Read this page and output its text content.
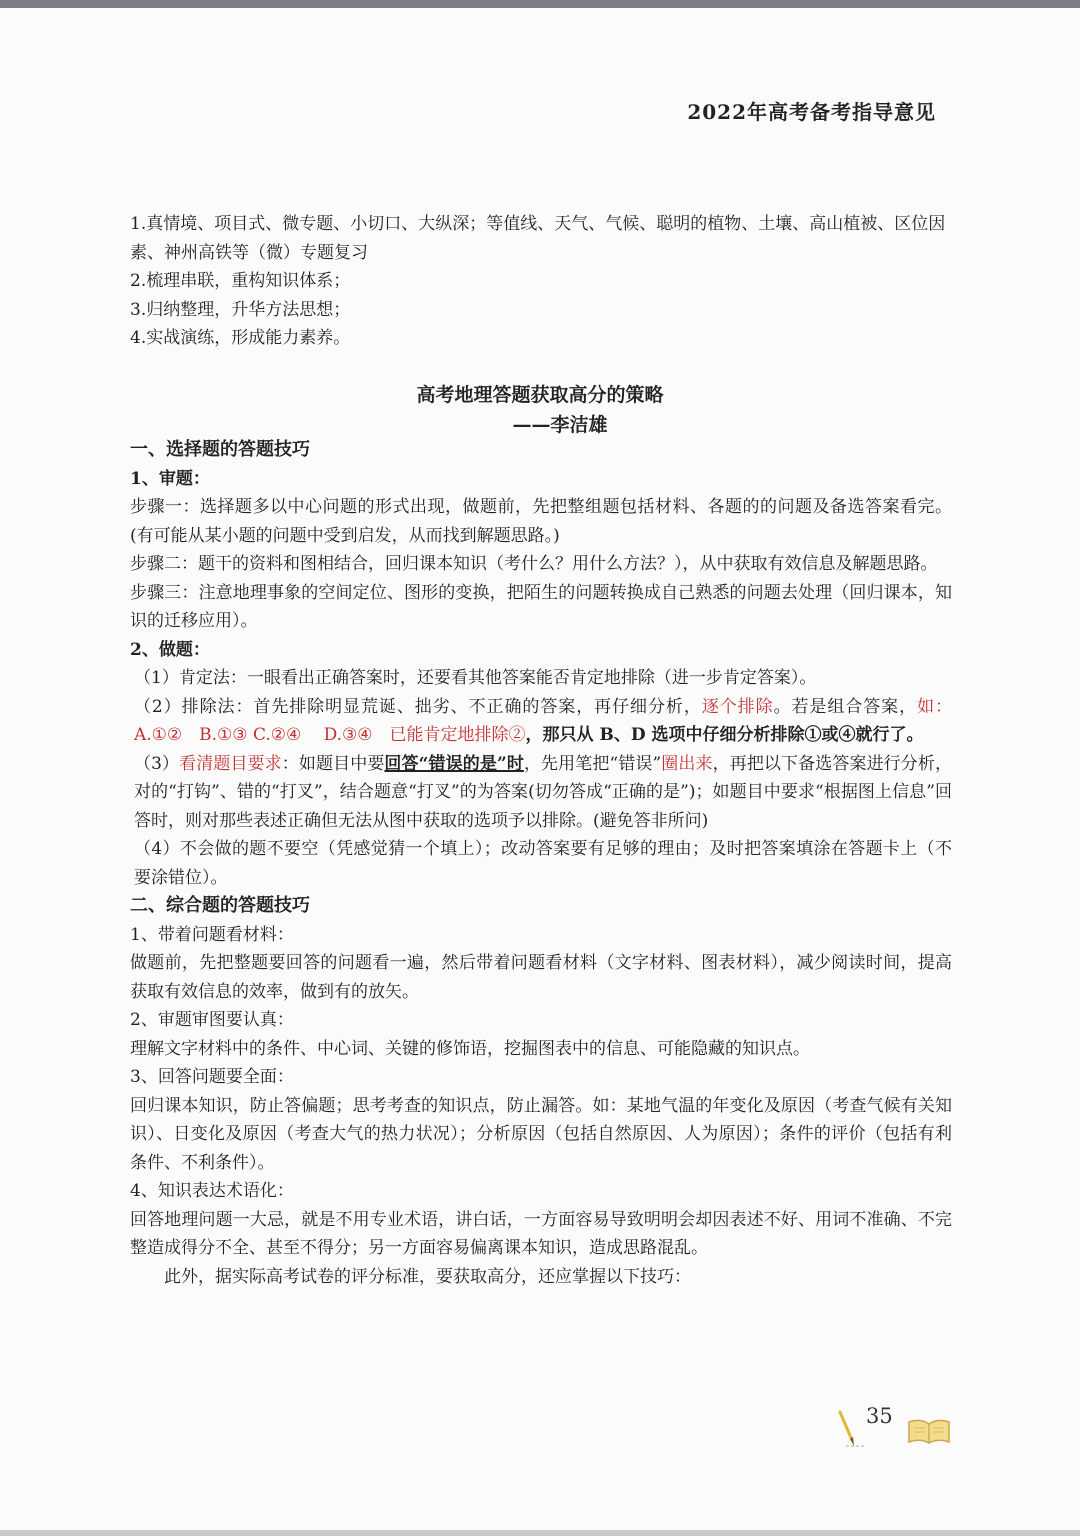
2022年高考备考指导意见

1.真情境、项目式、微专题、小切口、大纵深；等值线、天气、气候、聪明的植物、土壤、高山植被、区位因素、神州高铁等（微）专题复习

2.梳理串联，重构知识体系；

3.归纳整理，升华方法思想；

4.实战演练，形成能力素养。

高考地理答题获取高分的策略
——李洁雄

一、选择题的答题技巧

1、审题：

步骤一：选择题多以中心问题的形式出现，做题前，先把整组题包括材料、各题的的问题及备选答案看完。(有可能从某小题的问题中受到启发，从而找到解题思路。)

步骤二：题干的资料和图相结合，回归课本知识（考什么？用什么方法？），从中获取有效信息及解题思路。

步骤三：注意地理事象的空间定位、图形的变换，把陌生的问题转换成自己熟悉的问题去处理（回归课本，知识的迁移应用）。

2、做题：

（1）肯定法：一眼看出正确答案时，还要看其他答案能否肯定地排除（进一步肯定答案）。

（2）排除法：首先排除明显荒诞、拙劣、不正确的答案，再仔细分析，逐个排除。若是组合答案，如：A.①②　B.①③ C.②④　 D.③④　已能肯定地排除②，那只从 B、D 选项中仔细分析排除①或④就行了。

（3）看清题目要求：如题目中要回答“错误的是”时，先用笔把“错误”圈出来，再把以下备选答案进行分析，对的“打钩”、错的“打叉”，结合题意“打叉”的为答案(切勿答成“正确的是”)；如题目中要求“根据图上信息”回答时，则对那些表述正确但无法从图中获取的选项予以排除。(避免答非所问)

（4）不会做的题不要空（凭感觉猜一个填上）；改动答案要有足够的理由；及时把答案填涂在答题卡上（不要涂错位）。

二、综合题的答题技巧

1、带着问题看材料：

做题前，先把整题要回答的问题看一遍，然后带着问题看材料（文字材料、图表材料），减少阅读时间，提高获取有效信息的效率，做到有的放矢。

2、审题审图要认真：

理解文字材料中的条件、中心词、关键的修饰语，挖掘图表中的信息、可能隐藏的知识点。

3、回答问题要全面：

回归课本知识，防止答偏题；思考考查的知识点，防止漏答。如：某地气温的年变化及原因（考查气候有关知识）、日变化及原因（考查大气的热力状况）；分析原因（包括自然原因、人为原因）；条件的评价（包括有利条件、不利条件）。

4、知识表达术语化：

回答地理问题一大忌，就是不用专业术语，讲白话，一方面容易导致明明会却因表述不好、用词不准确、不完整造成得分不全、甚至不得分；另一方面容易偏离课本知识，造成思路混乱。

此外，据实际高考试卷的评分标准，要获取高分，还应掌握以下技巧：

35
